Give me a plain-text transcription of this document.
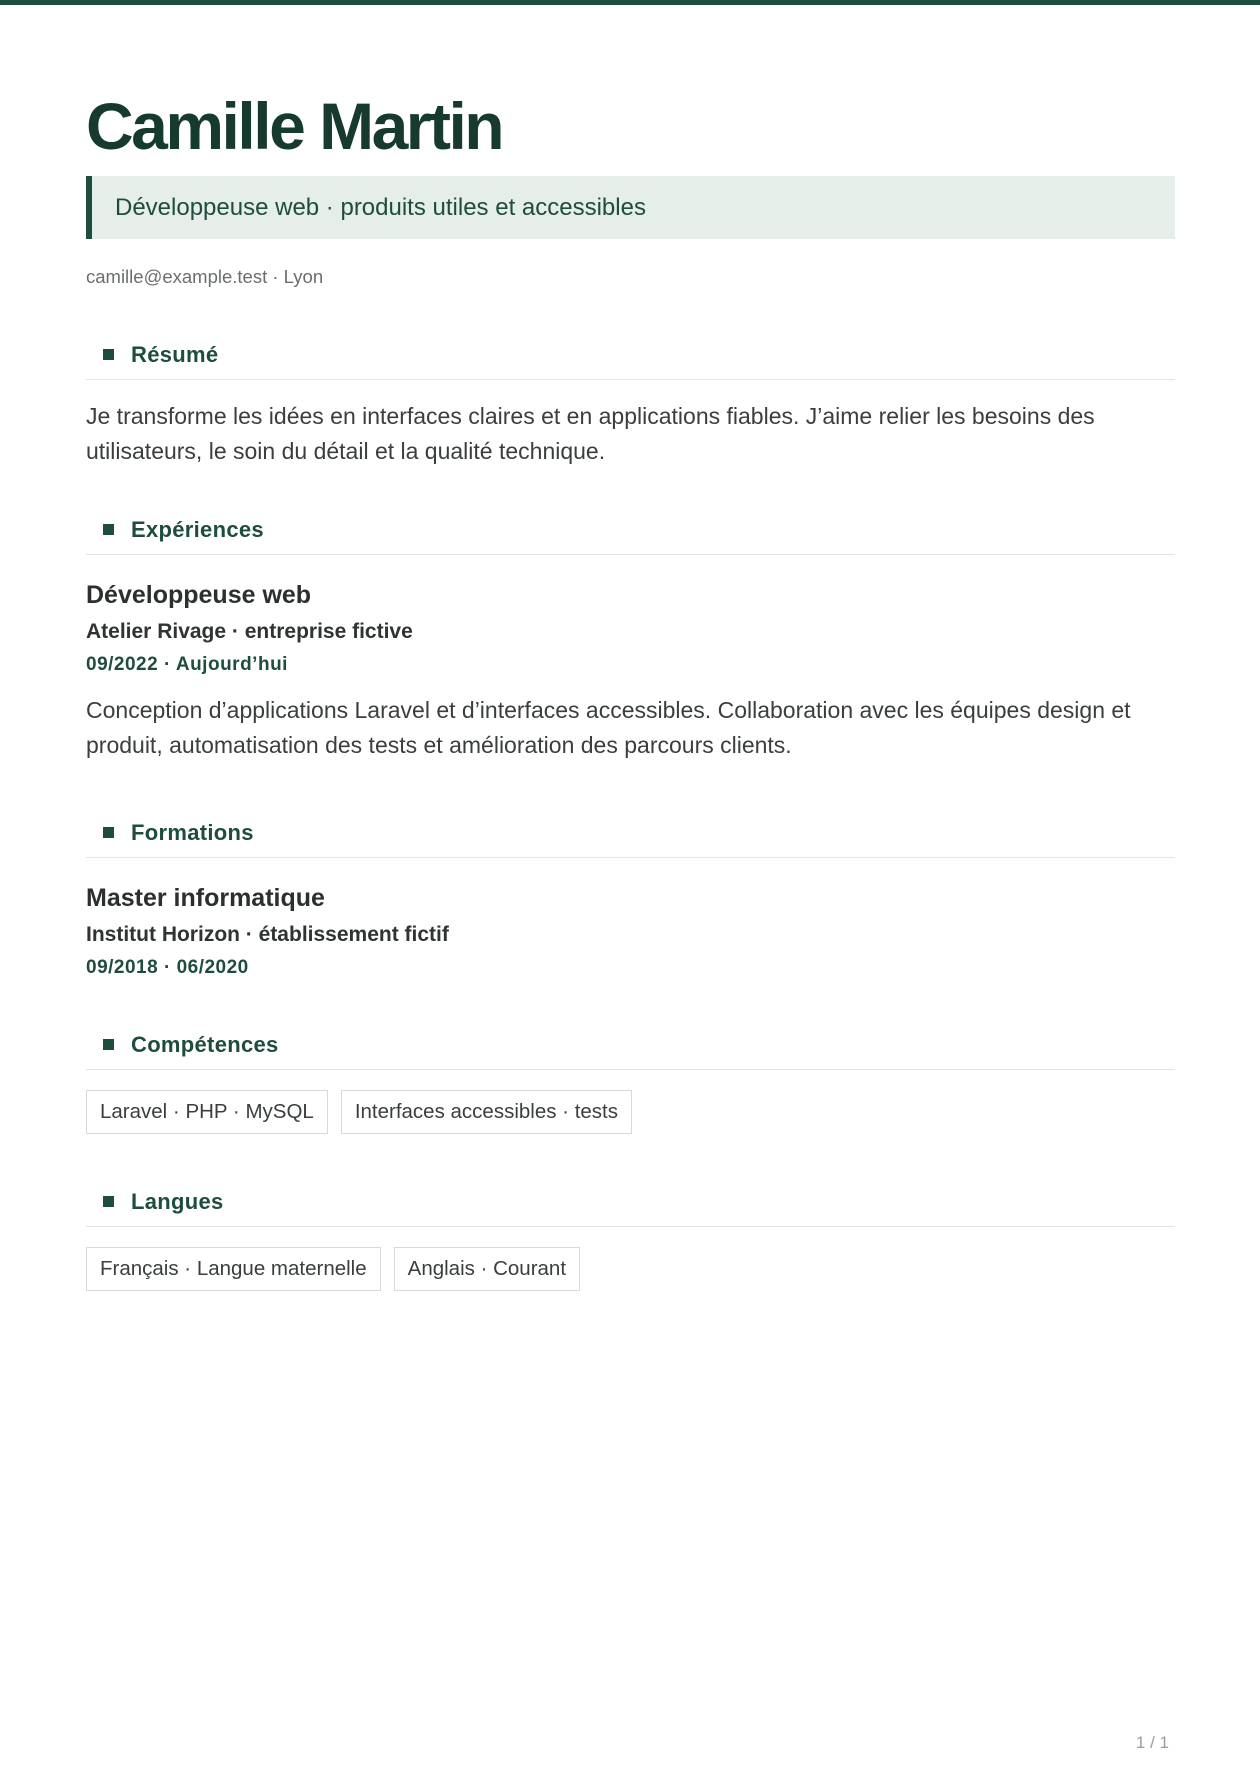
Camille Martin
Développeuse web · produits utiles et accessibles
camille@example.test · Lyon
Résumé

Je transforme les idées en interfaces claires et en applications fiables. J’aime relier les besoins des utilisateurs, le soin du détail et la qualité technique.

Expériences
Développeuse web
Atelier Rivage · entreprise fictive
09/2022 · Aujourd’hui

Conception d’applications Laravel et d’interfaces accessibles. Collaboration avec les équipes design et produit, automatisation des tests et amélioration des parcours clients.

Formations
Master informatique
Institut Horizon · établissement fictif
09/2018 · 06/2020
Compétences
Laravel · PHP · MySQL	Interfaces accessibles · tests
Langues
Français · Langue maternelle	Anglais · Courant
1 / 1
